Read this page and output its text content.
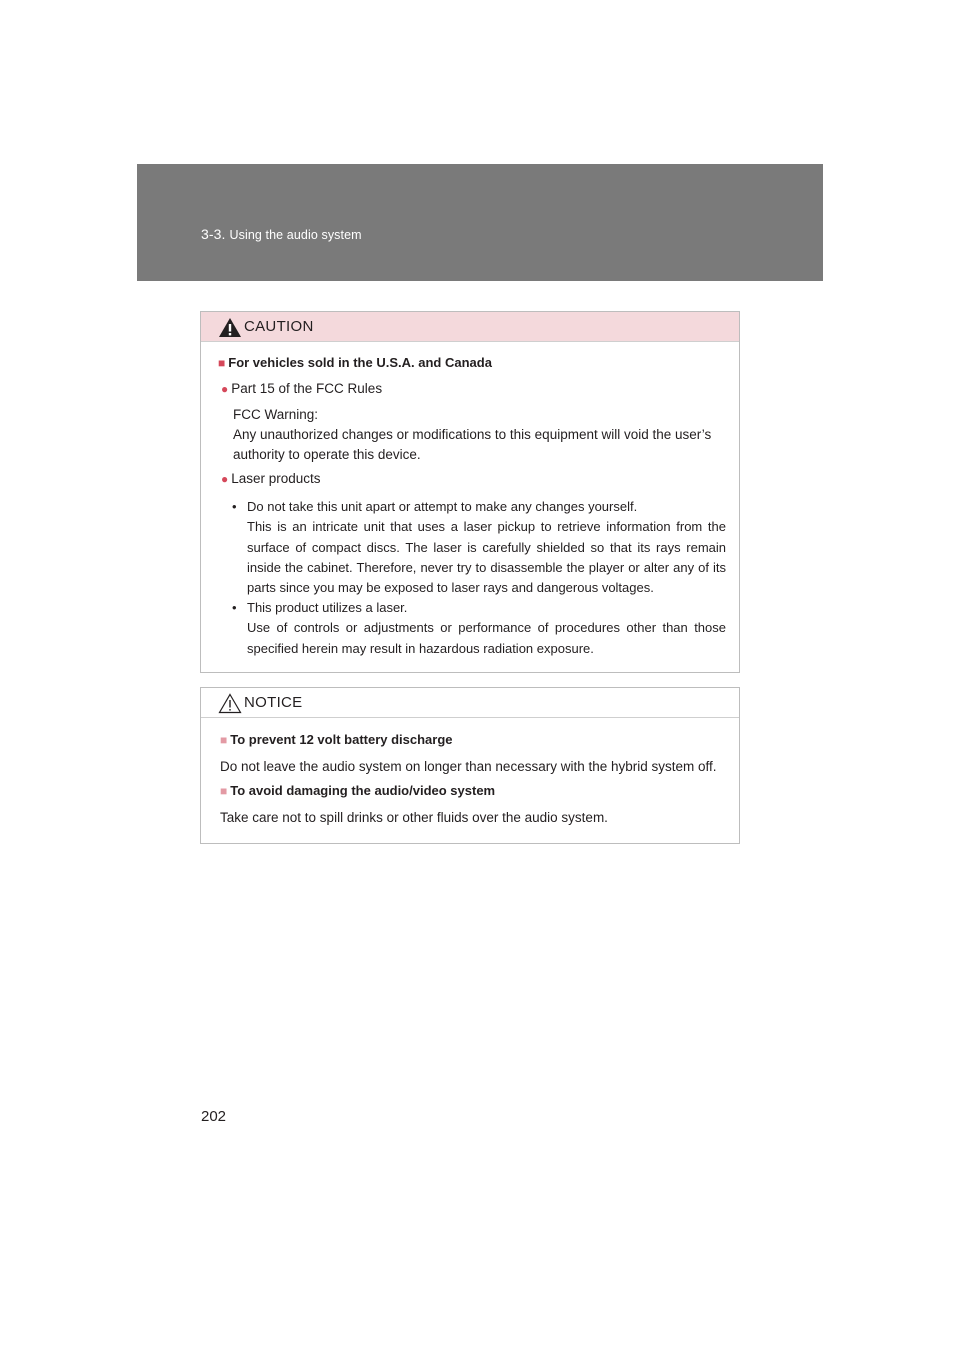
3-3. Using the audio system
CAUTION
■ For vehicles sold in the U.S.A. and Canada
● Part 15 of the FCC Rules
FCC Warning:
Any unauthorized changes or modifications to this equipment will void the user’s
authority to operate this device.
● Laser products
• Do not take this unit apart or attempt to make any changes yourself.
This is an intricate unit that uses a laser pickup to retrieve information from the surface of compact discs. The laser is carefully shielded so that its rays remain inside the cabinet. Therefore, never try to disassemble the player or alter any of its parts since you may be exposed to laser rays and dangerous voltages.
• This product utilizes a laser.
Use of controls or adjustments or performance of procedures other than those specified herein may result in hazardous radiation exposure.
NOTICE
■ To prevent 12 volt battery discharge
Do not leave the audio system on longer than necessary with the hybrid system off.
■ To avoid damaging the audio/video system
Take care not to spill drinks or other fluids over the audio system.
202
